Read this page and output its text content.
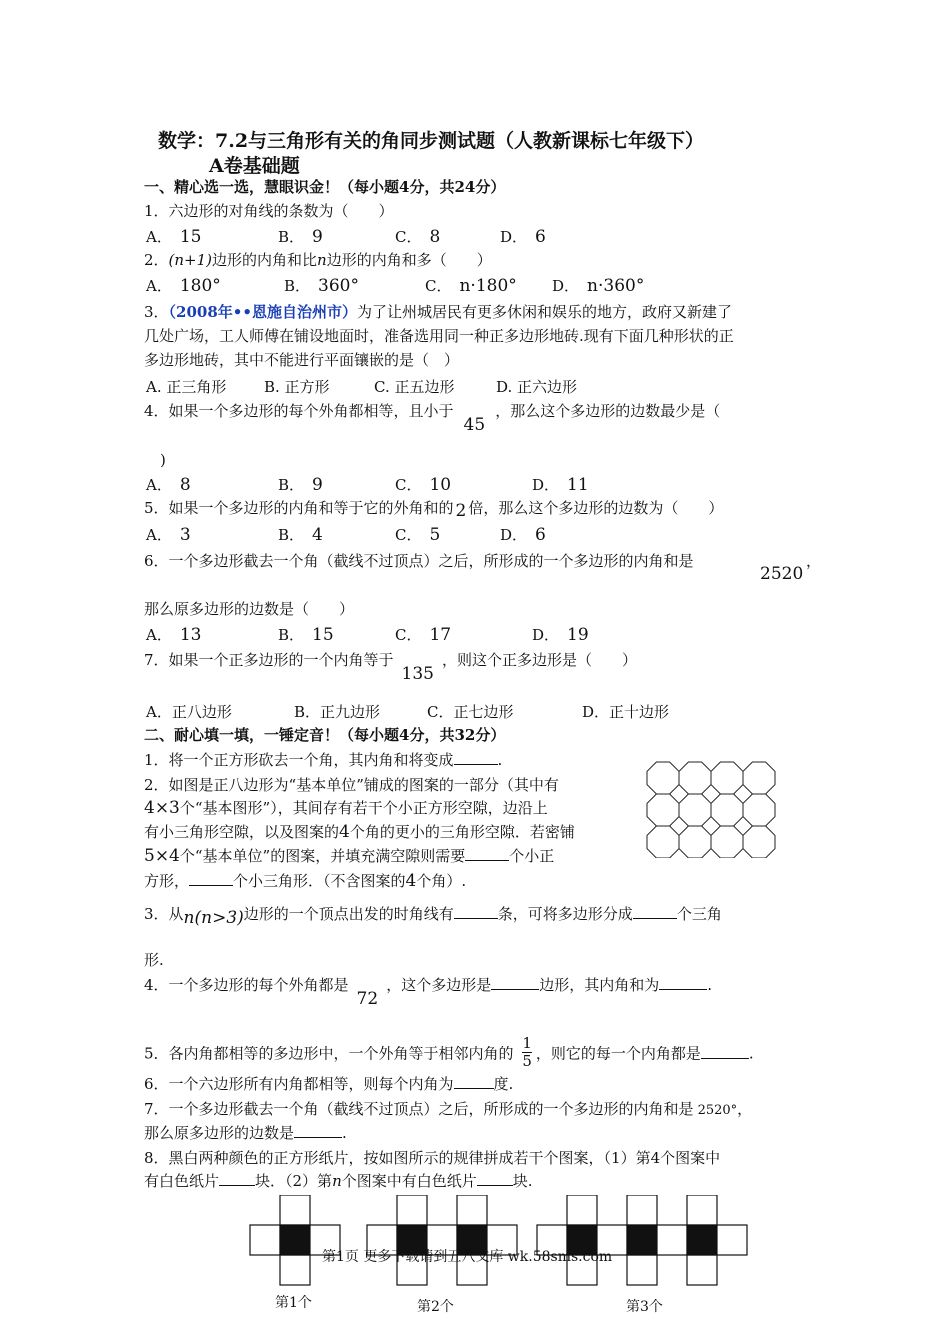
数学：7.2与三角形有关的角同步测试题（人教新课标七年级下）
A卷基础题
一、精心选一选，慧眼识金！（每小题4分，共24分）
1．六边形的对角线的条数为（　　）
A． 15	B． 9	C． 8	D． 6
2．(n+1)边形的内角和比n边形的内角和多（　　）
A． 180°	B． 360°	C． n·180° D． n·360°
3．（2008年••恩施自治州市）为了让州城居民有更多休闲和娱乐的地方，政府又新建了
几处广场，工人师傅在铺设地面时，准备选用同一种正多边形地砖.现有下面几种形状的正
多边形地砖，其中不能进行平面镶嵌的是（　）
A. 正三角形	B. 正方形	C. 正五边形	D. 正六边形
4．如果一个多边形的每个外角都相等，且小于45，那么这个多边形的边数最少是（
)
A． 8	B． 9	C． 10	D． 11
5．如果一个多边形的内角和等于它的外角和的 2 倍，那么这个多边形的边数为（　　）
A． 3	B． 4	C． 5	D． 6
6．一个多边形截去一个角（截线不过顶点）之后，所形成的一个多边形的内角和是
2520
，
那么原多边形的边数是（　　）
A． 13	B． 15	C． 17	D． 19
7．如果一个正多边形的一个内角等于135，则这个正多边形是（　　）
A．正八边形	B．正九边形	C．正七边形	D．正十边形
二、耐心填一填，一锤定音！（每小题4分，共32分）
1．将一个正方形砍去一个角，其内角和将变成	.
2．如图是正八边形为“基本单位”铺成的图案的一部分（其中有
4×3个“基本图形”），其间存有若干个小正方形空隙，边沿上
有小三角形空隙，以及图案的4个角的更小的三角形空隙．若密铺
5×4个“基本单位”的图案，并填充满空隙则需要	个小正
方形，	个小三角形．（不含图案的4个角）.
3．从n(n>3)边形的一个顶点出发的时角线有	条，可将多边形分成	个三角
形.
4．一个多边形的每个外角都是72，这个多边形是	边形，其内角和为	.
5．各内角都相等的多边形中，一个外角等于相邻内角的 $\frac{1}{5}$ ，则它的每一个内角都是	.
6．一个六边形所有内角都相等，则每个内角为	度.
7．一个多边形截去一个角（截线不过顶点）之后，所形成的一个多边形的内角和是 2520°，
那么原多边形的边数是	.
8．黑白两种颜色的正方形纸片，按如图所示的规律拼成若干个图案，（1）第4个图案中
有白色纸片 块．（2）第n个图案中有白色纸片 块.
第1个	第2个	第3个
第1页 更多下载请到五八文库 wk.58sms.com
